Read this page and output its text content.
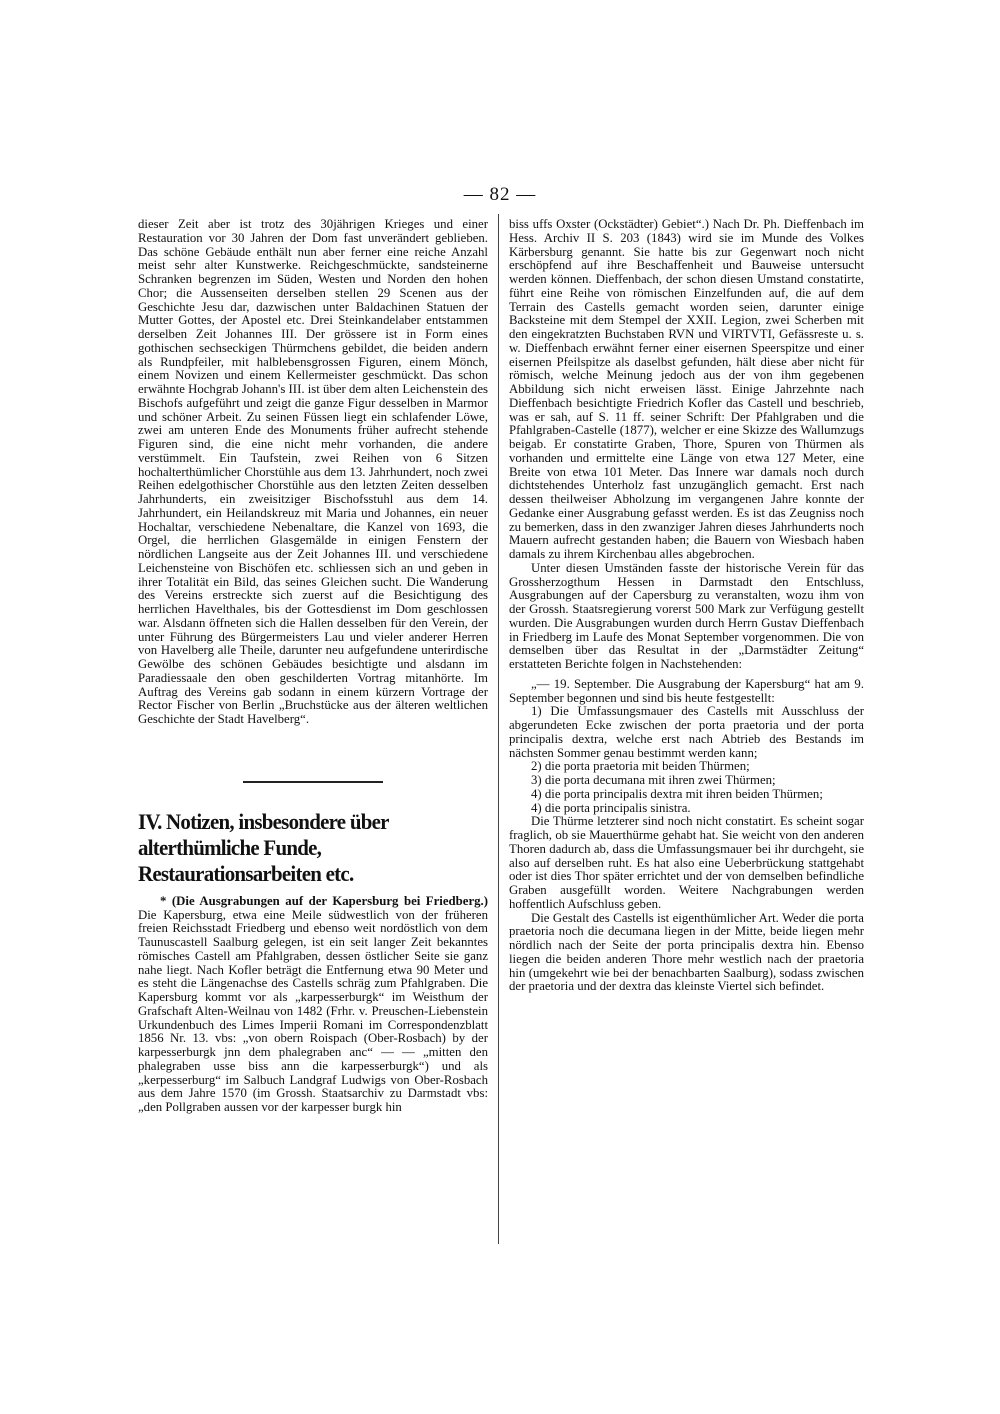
— 82 —

dieser Zeit aber ist trotz des 30jährigen Krieges und einer Restauration vor 30 Jahren der Dom fast unverändert geblieben. Das schöne Gebäude enthält nun aber ferner eine reiche Anzahl meist sehr alter Kunstwerke. Reichgeschmückte, sandsteinerne Schranken begrenzen im Süden, Westen und Norden den hohen Chor; die Aussenseiten derselben stellen 29 Scenen aus der Geschichte Jesu dar, dazwischen unter Baldachinen Statuen der Mutter Gottes, der Apostel etc. Drei Steinkandelaber entstammen derselben Zeit Johannes III. Der grössere ist in Form eines gothischen sechseckigen Thürmchens gebildet, die beiden andern als Rundpfeiler, mit halblebensgrossen Figuren, einem Mönch, einem Novizen und einem Kellermeister geschmückt. Das schon erwähnte Hochgrab Johann's III. ist über dem alten Leichenstein des Bischofs aufgeführt und zeigt die ganze Figur desselben in Marmor und schöner Arbeit. Zu seinen Füssen liegt ein schlafender Löwe, zwei am unteren Ende des Monuments früher aufrecht stehende Figuren sind, die eine nicht mehr vorhanden, die andere verstümmelt. Ein Taufstein, zwei Reihen von 6 Sitzen hochalterthümlicher Chorstühle aus dem 13. Jahrhundert, noch zwei Reihen edelgothischer Chorstühle aus den letzten Zeiten desselben Jahrhunderts, ein zweisitziger Bischofsstuhl aus dem 14. Jahrhundert, ein Heilandskreuz mit Maria und Johannes, ein neuer Hochaltar, verschiedene Nebenaltare, die Kanzel von 1693, die Orgel, die herrlichen Glasgemälde in einigen Fenstern der nördlichen Langseite aus der Zeit Johannes III. und verschiedene Leichensteine von Bischöfen etc. schliessen sich an und geben in ihrer Totalität ein Bild, das seines Gleichen sucht. Die Wanderung des Vereins erstreckte sich zuerst auf die Besichtigung des herrlichen Havelthales, bis der Gottesdienst im Dom geschlossen war. Alsdann öffneten sich die Hallen desselben für den Verein, der unter Führung des Bürgermeisters Lau und vieler anderer Herren von Havelberg alle Theile, darunter neu aufgefundene unterirdische Gewölbe des schönen Gebäudes besichtigte und alsdann im Paradiessaale den oben geschilderten Vortrag mitanhörte. Im Auftrag des Vereins gab sodann in einem kürzern Vortrage der Rector Fischer von Berlin „Bruchstücke aus der älteren weltlichen Geschichte der Stadt Havelberg“.

IV. Notizen, insbesondere über alterthümliche Funde, Restaurationsarbeiten etc.

* (Die Ausgrabungen auf der Kapersburg bei Friedberg.) Die Kapersburg, etwa eine Meile südwestlich von der früheren freien Reichsstadt Friedberg und ebenso weit nordöstlich von dem Taunuscastell Saalburg gelegen, ist ein seit langer Zeit bekanntes römisches Castell am Pfahlgraben, dessen östlicher Seite sie ganz nahe liegt. Nach Kofler beträgt die Entfernung etwa 90 Meter und es steht die Längenachse des Castells schräg zum Pfahlgraben. Die Kapersburg kommt vor als „karpesserburgk“ im Weisthum der Grafschaft Alten-Weilnau von 1482 (Frhr. v. Preuschen-Liebenstein Urkundenbuch des Limes Imperii Romani im Correspondenzblatt 1856 Nr. 13. vbs: „von obern Roispach (Ober-Rosbach) by der karpesserburgk jnn dem phalegraben anc“ — — „mitten den phalegraben usse biss ann die karpesserburgk“) und als „kerpesserburg“ im Salbuch Landgraf Ludwigs von Ober-Rosbach aus dem Jahre 1570 (im Grossh. Staatsarchiv zu Darmstadt vbs: „den Pollgraben aussen vor der karpesser burgk hin

biss uffs Oxster (Ockstädter) Gebiet“.) Nach Dr. Ph. Dieffenbach im Hess. Archiv II S. 203 (1843) wird sie im Munde des Volkes Kärbersburg genannt. Sie hatte bis zur Gegenwart noch nicht erschöpfend auf ihre Beschaffenheit und Bauweise untersucht werden können. Dieffenbach, der schon diesen Umstand constatirte, führt eine Reihe von römischen Einzelfunden auf, die auf dem Terrain des Castells gemacht worden seien, darunter einige Backsteine mit dem Stempel der XXII. Legion, zwei Scherben mit den eingekratzten Buchstaben RVN und VIRTVTI, Gefässreste u. s. w. Dieffenbach erwähnt ferner einer eisernen Speerspitze und einer eisernen Pfeilspitze als daselbst gefunden, hält diese aber nicht für römisch, welche Meinung jedoch aus der von ihm gegebenen Abbildung sich nicht erweisen lässt. Einige Jahrzehnte nach Dieffenbach besichtigte Friedrich Kofler das Castell und beschrieb, was er sah, auf S. 11 ff. seiner Schrift: Der Pfahlgraben und die Pfahlgraben-Castelle (1877), welcher er eine Skizze des Wallumzugs beigab. Er constatirte Graben, Thore, Spuren von Thürmen als vorhanden und ermittelte eine Länge von etwa 127 Meter, eine Breite von etwa 101 Meter. Das Innere war damals noch durch dichtstehendes Unterholz fast unzugänglich gemacht. Erst nach dessen theilweiser Abholzung im vergangenen Jahre konnte der Gedanke einer Ausgrabung gefasst werden. Es ist das Zeugniss noch zu bemerken, dass in den zwanziger Jahren dieses Jahrhunderts noch Mauern aufrecht gestanden haben; die Bauern von Wiesbach haben damals zu ihrem Kirchenbau alles abgebrochen.

Unter diesen Umständen fasste der historische Verein für das Grossherzogthum Hessen in Darmstadt den Entschluss, Ausgrabungen auf der Capersburg zu veranstalten, wozu ihm von der Grossh. Staatsregierung vorerst 500 Mark zur Verfügung gestellt wurden. Die Ausgrabungen wurden durch Herrn Gustav Dieffenbach in Friedberg im Laufe des Monat September vorgenommen. Die von demselben über das Resultat in der „Darmstädter Zeitung“ erstatteten Berichte folgen in Nachstehenden:

„— 19. September. Die Ausgrabung der Kapersburg“ hat am 9. September begonnen und sind bis heute festgestellt:

1) Die Umfassungsmauer des Castells mit Ausschluss der abgerundeten Ecke zwischen der porta praetoria und der porta principalis dextra, welche erst nach Abtrieb des Bestands im nächsten Sommer genau bestimmt werden kann;

2) die porta praetoria mit beiden Thürmen;

3) die porta decumana mit ihren zwei Thürmen;

4) die porta principalis dextra mit ihren beiden Thürmen;

4) die porta principalis sinistra.

Die Thürme letzterer sind noch nicht constatirt. Es scheint sogar fraglich, ob sie Mauerthürme gehabt hat. Sie weicht von den anderen Thoren dadurch ab, dass die Umfassungsmauer bei ihr durchgeht, sie also auf derselben ruht. Es hat also eine Ueberbrückung stattgehabt oder ist dies Thor später errichtet und der von demselben befindliche Graben ausgefüllt worden. Weitere Nachgrabungen werden hoffentlich Aufschluss geben.

Die Gestalt des Castells ist eigenthümlicher Art. Weder die porta praetoria noch die decumana liegen in der Mitte, beide liegen mehr nördlich nach der Seite der porta principalis dextra hin. Ebenso liegen die beiden anderen Thore mehr westlich nach der praetoria hin (umgekehrt wie bei der benachbarten Saalburg), sodass zwischen der praetoria und der dextra das kleinste Viertel sich befindet.
